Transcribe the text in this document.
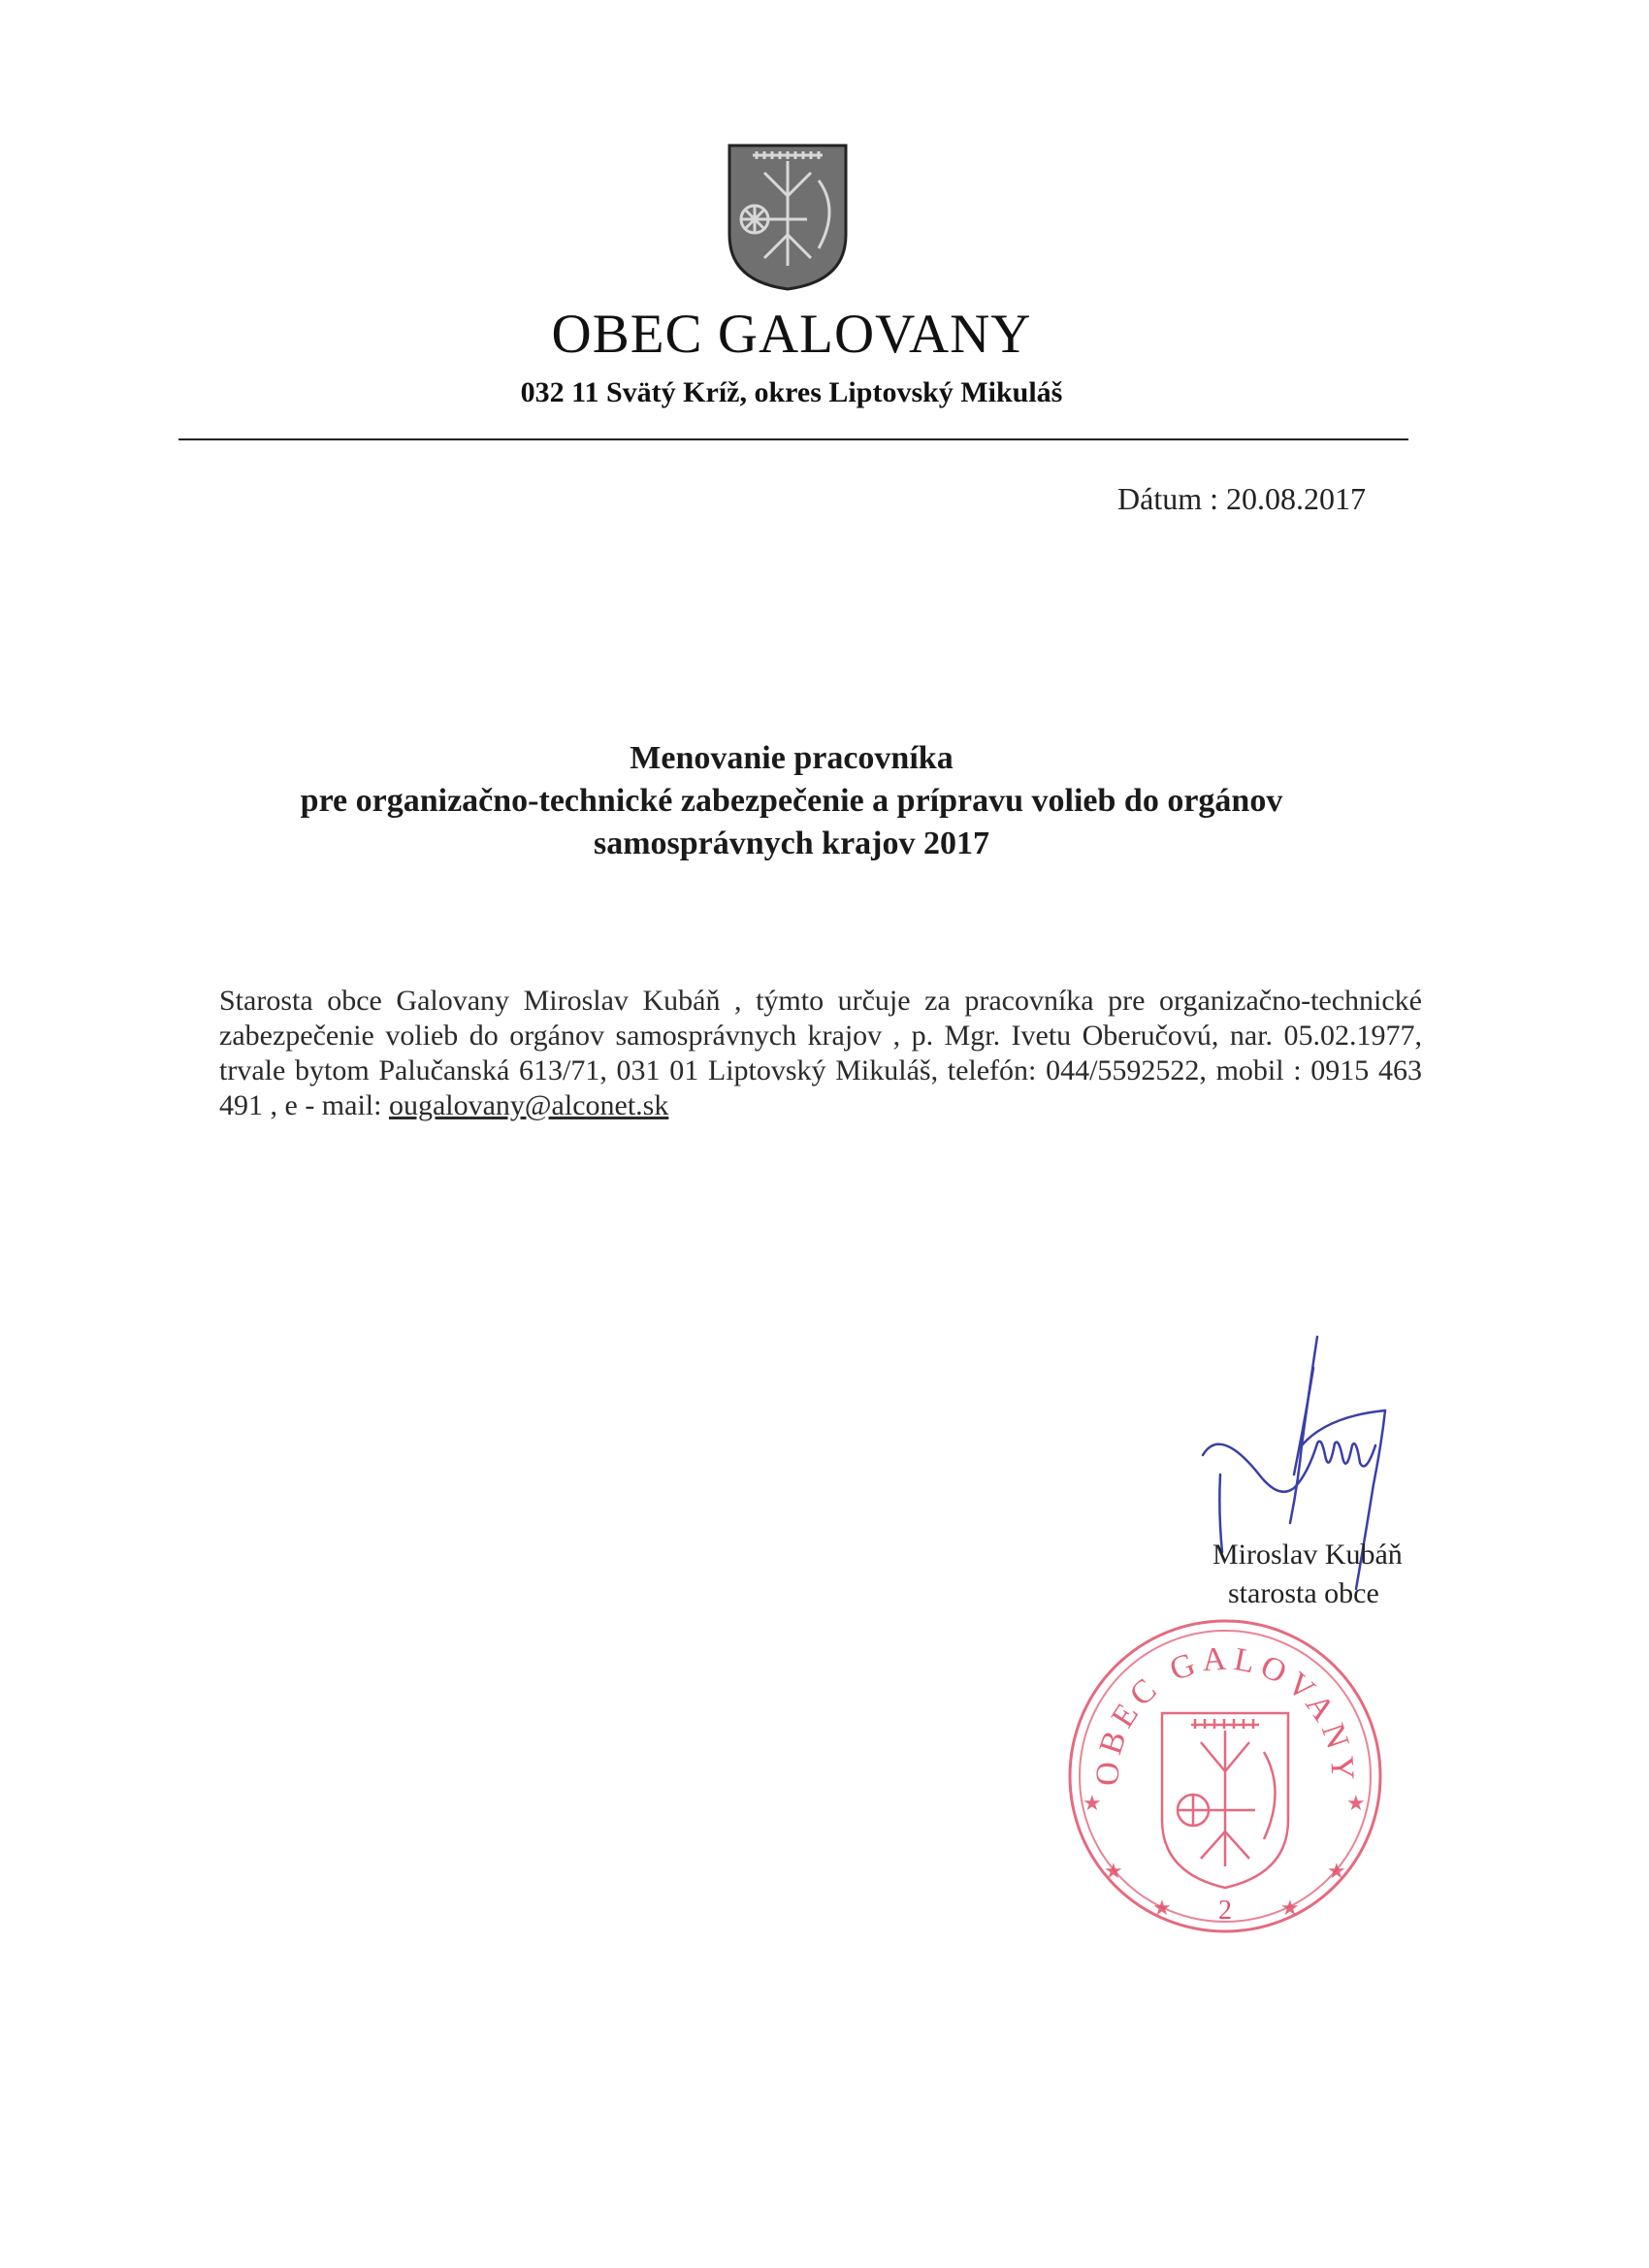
OBEC GALOVANY
032 11 Svätý Kríž, okres Liptovský Mikuláš
Dátum : 20.08.2017
Menovanie pracovníka
pre organizačno-technické zabezpečenie a prípravu volieb do orgánov
samosprávnych krajov 2017
Starosta obce Galovany Miroslav Kubáň , týmto určuje za pracovníka pre organizačno-technické zabezpečenie volieb do orgánov samosprávnych krajov , p. Mgr. Ivetu Oberučovú, nar. 05.02.1977, trvale bytom Palučanská 613/71, 031 01 Liptovský Mikuláš, telefón: 044/5592522, mobil : 0915 463 491 , e - mail: ougalovany@alconet.sk
Miroslav Kubáň
starosta obce
OBEC GALOVANY
★	★
★	★
★	★
2
